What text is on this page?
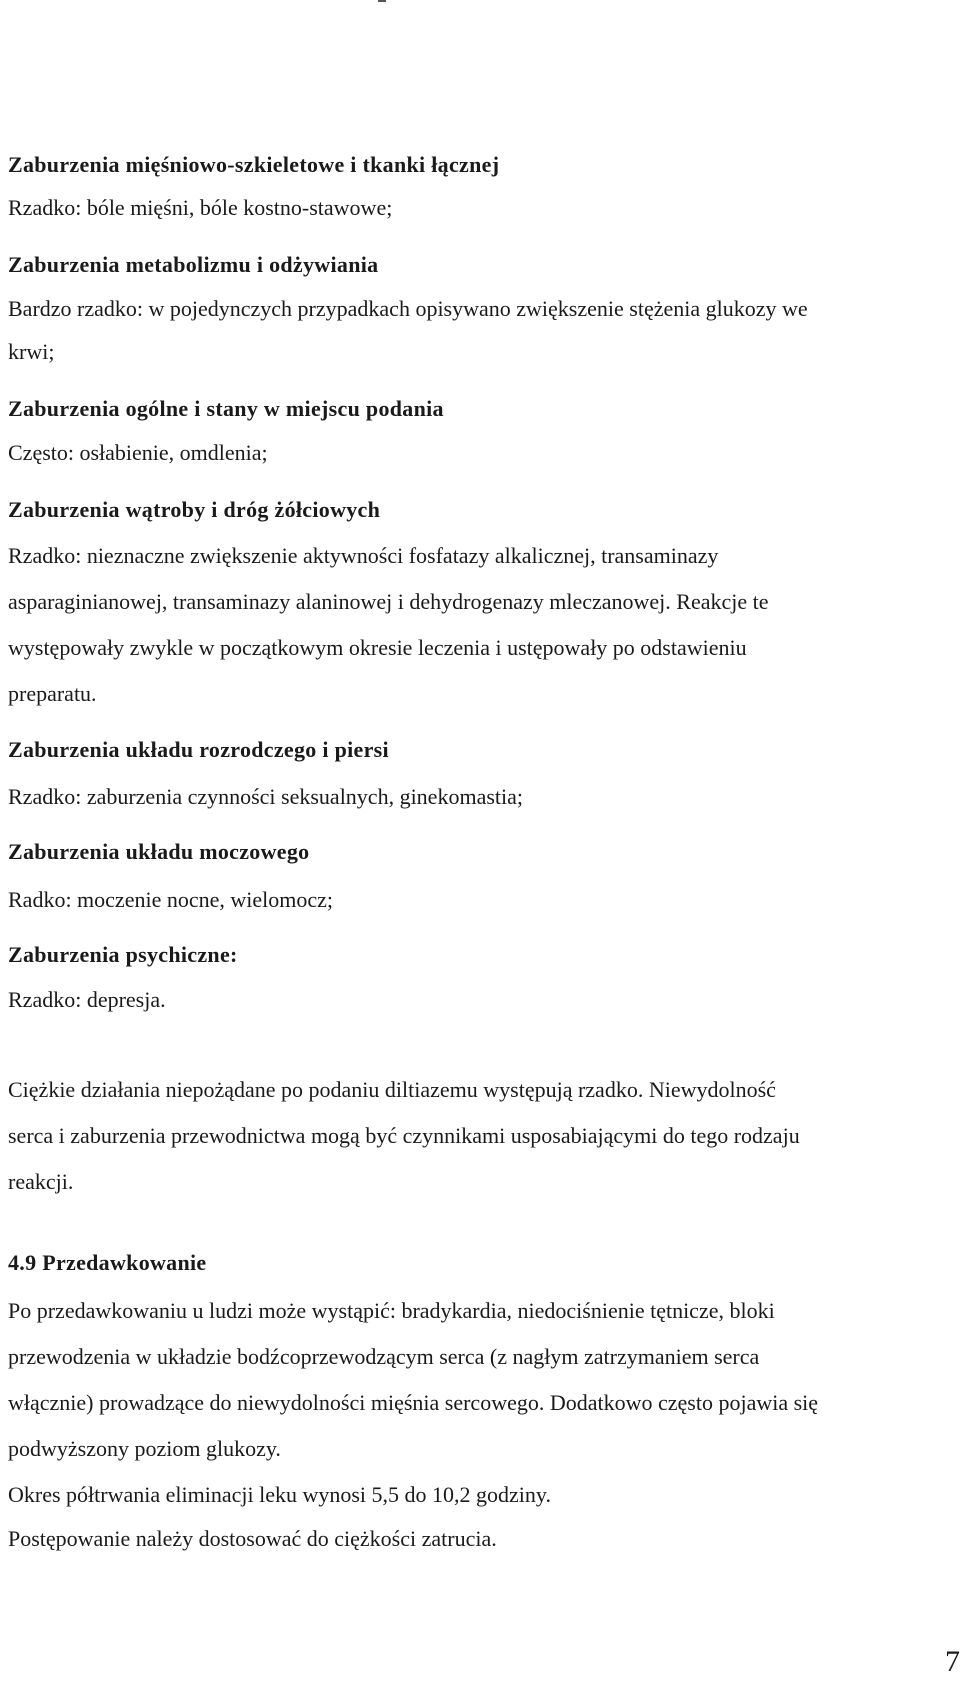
Zaburzenia mięśniowo-szkieletowe i tkanki łącznej
Rzadko: bóle mięśni, bóle kostno-stawowe;
Zaburzenia metabolizmu i odżywiania
Bardzo rzadko: w pojedynczych przypadkach opisywano zwiększenie stężenia glukozy we
krwi;
Zaburzenia ogólne i stany w miejscu podania
Często: osłabienie, omdlenia;
Zaburzenia wątroby i dróg żółciowych
Rzadko: nieznaczne zwiększenie aktywności fosfatazy alkalicznej, transaminazy
asparaginianowej, transaminazy alaninowej i dehydrogenazy mleczanowej. Reakcje te
występowały zwykle w początkowym okresie leczenia i ustępowały po odstawieniu
preparatu.
Zaburzenia układu rozrodczego i piersi
Rzadko: zaburzenia czynności seksualnych, ginekomastia;
Zaburzenia układu moczowego
Radko: moczenie nocne, wielomocz;
Zaburzenia psychiczne:
Rzadko: depresja.
Ciężkie działania niepożądane po podaniu diltiazemu występują rzadko. Niewydolność
serca i zaburzenia przewodnictwa mogą być czynnikami usposabiającymi do tego rodzaju
reakcji.
4.9 Przedawkowanie
Po przedawkowaniu u ludzi może wystąpić: bradykardia, niedociśnienie tętnicze, bloki
przewodzenia w układzie bodźcoprzewodzącym serca (z nagłym zatrzymaniem serca
włącznie) prowadzące do niewydolności mięśnia sercowego. Dodatkowo często pojawia się
podwyższony poziom glukozy.
Okres półtrwania eliminacji leku wynosi 5,5 do 10,2 godziny.
Postępowanie należy dostosować do ciężkości zatrucia.
7
